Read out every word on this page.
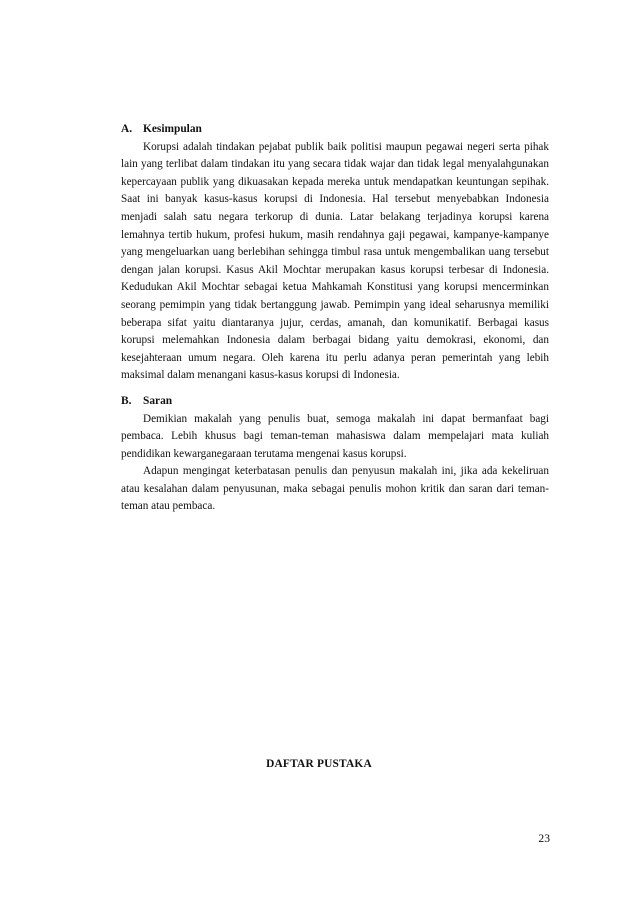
A. Kesimpulan

Korupsi adalah tindakan pejabat publik baik politisi maupun pegawai negeri serta pihak lain yang terlibat dalam tindakan itu yang secara tidak wajar dan tidak legal menyalahgunakan kepercayaan publik yang dikuasakan kepada mereka untuk mendapatkan keuntungan sepihak. Saat ini banyak kasus-kasus korupsi di Indonesia. Hal tersebut menyebabkan Indonesia menjadi salah satu negara terkorup di dunia. Latar belakang terjadinya korupsi karena lemahnya tertib hukum, profesi hukum, masih rendahnya gaji pegawai, kampanye-kampanye yang mengeluarkan uang berlebihan sehingga timbul rasa untuk mengembalikan uang tersebut dengan jalan korupsi. Kasus Akil Mochtar merupakan kasus korupsi terbesar di Indonesia. Kedudukan Akil Mochtar sebagai ketua Mahkamah Konstitusi yang korupsi mencerminkan seorang pemimpin yang tidak bertanggung jawab. Pemimpin yang ideal seharusnya memiliki beberapa sifat yaitu diantaranya jujur, cerdas, amanah, dan komunikatif. Berbagai kasus korupsi melemahkan Indonesia dalam berbagai bidang yaitu demokrasi, ekonomi, dan kesejahteraan umum negara. Oleh karena itu perlu adanya peran pemerintah yang lebih maksimal dalam menangani kasus-kasus korupsi di Indonesia.

B. Saran

Demikian makalah yang penulis buat, semoga makalah ini dapat bermanfaat bagi pembaca. Lebih khusus bagi teman-teman mahasiswa dalam mempelajari mata kuliah pendidikan kewarganegaraan terutama mengenai kasus korupsi.

Adapun mengingat keterbatasan penulis dan penyusun makalah ini, jika ada kekeliruan atau kesalahan dalam penyusunan, maka sebagai penulis mohon kritik dan saran dari teman-teman atau pembaca.

DAFTAR PUSTAKA
23
